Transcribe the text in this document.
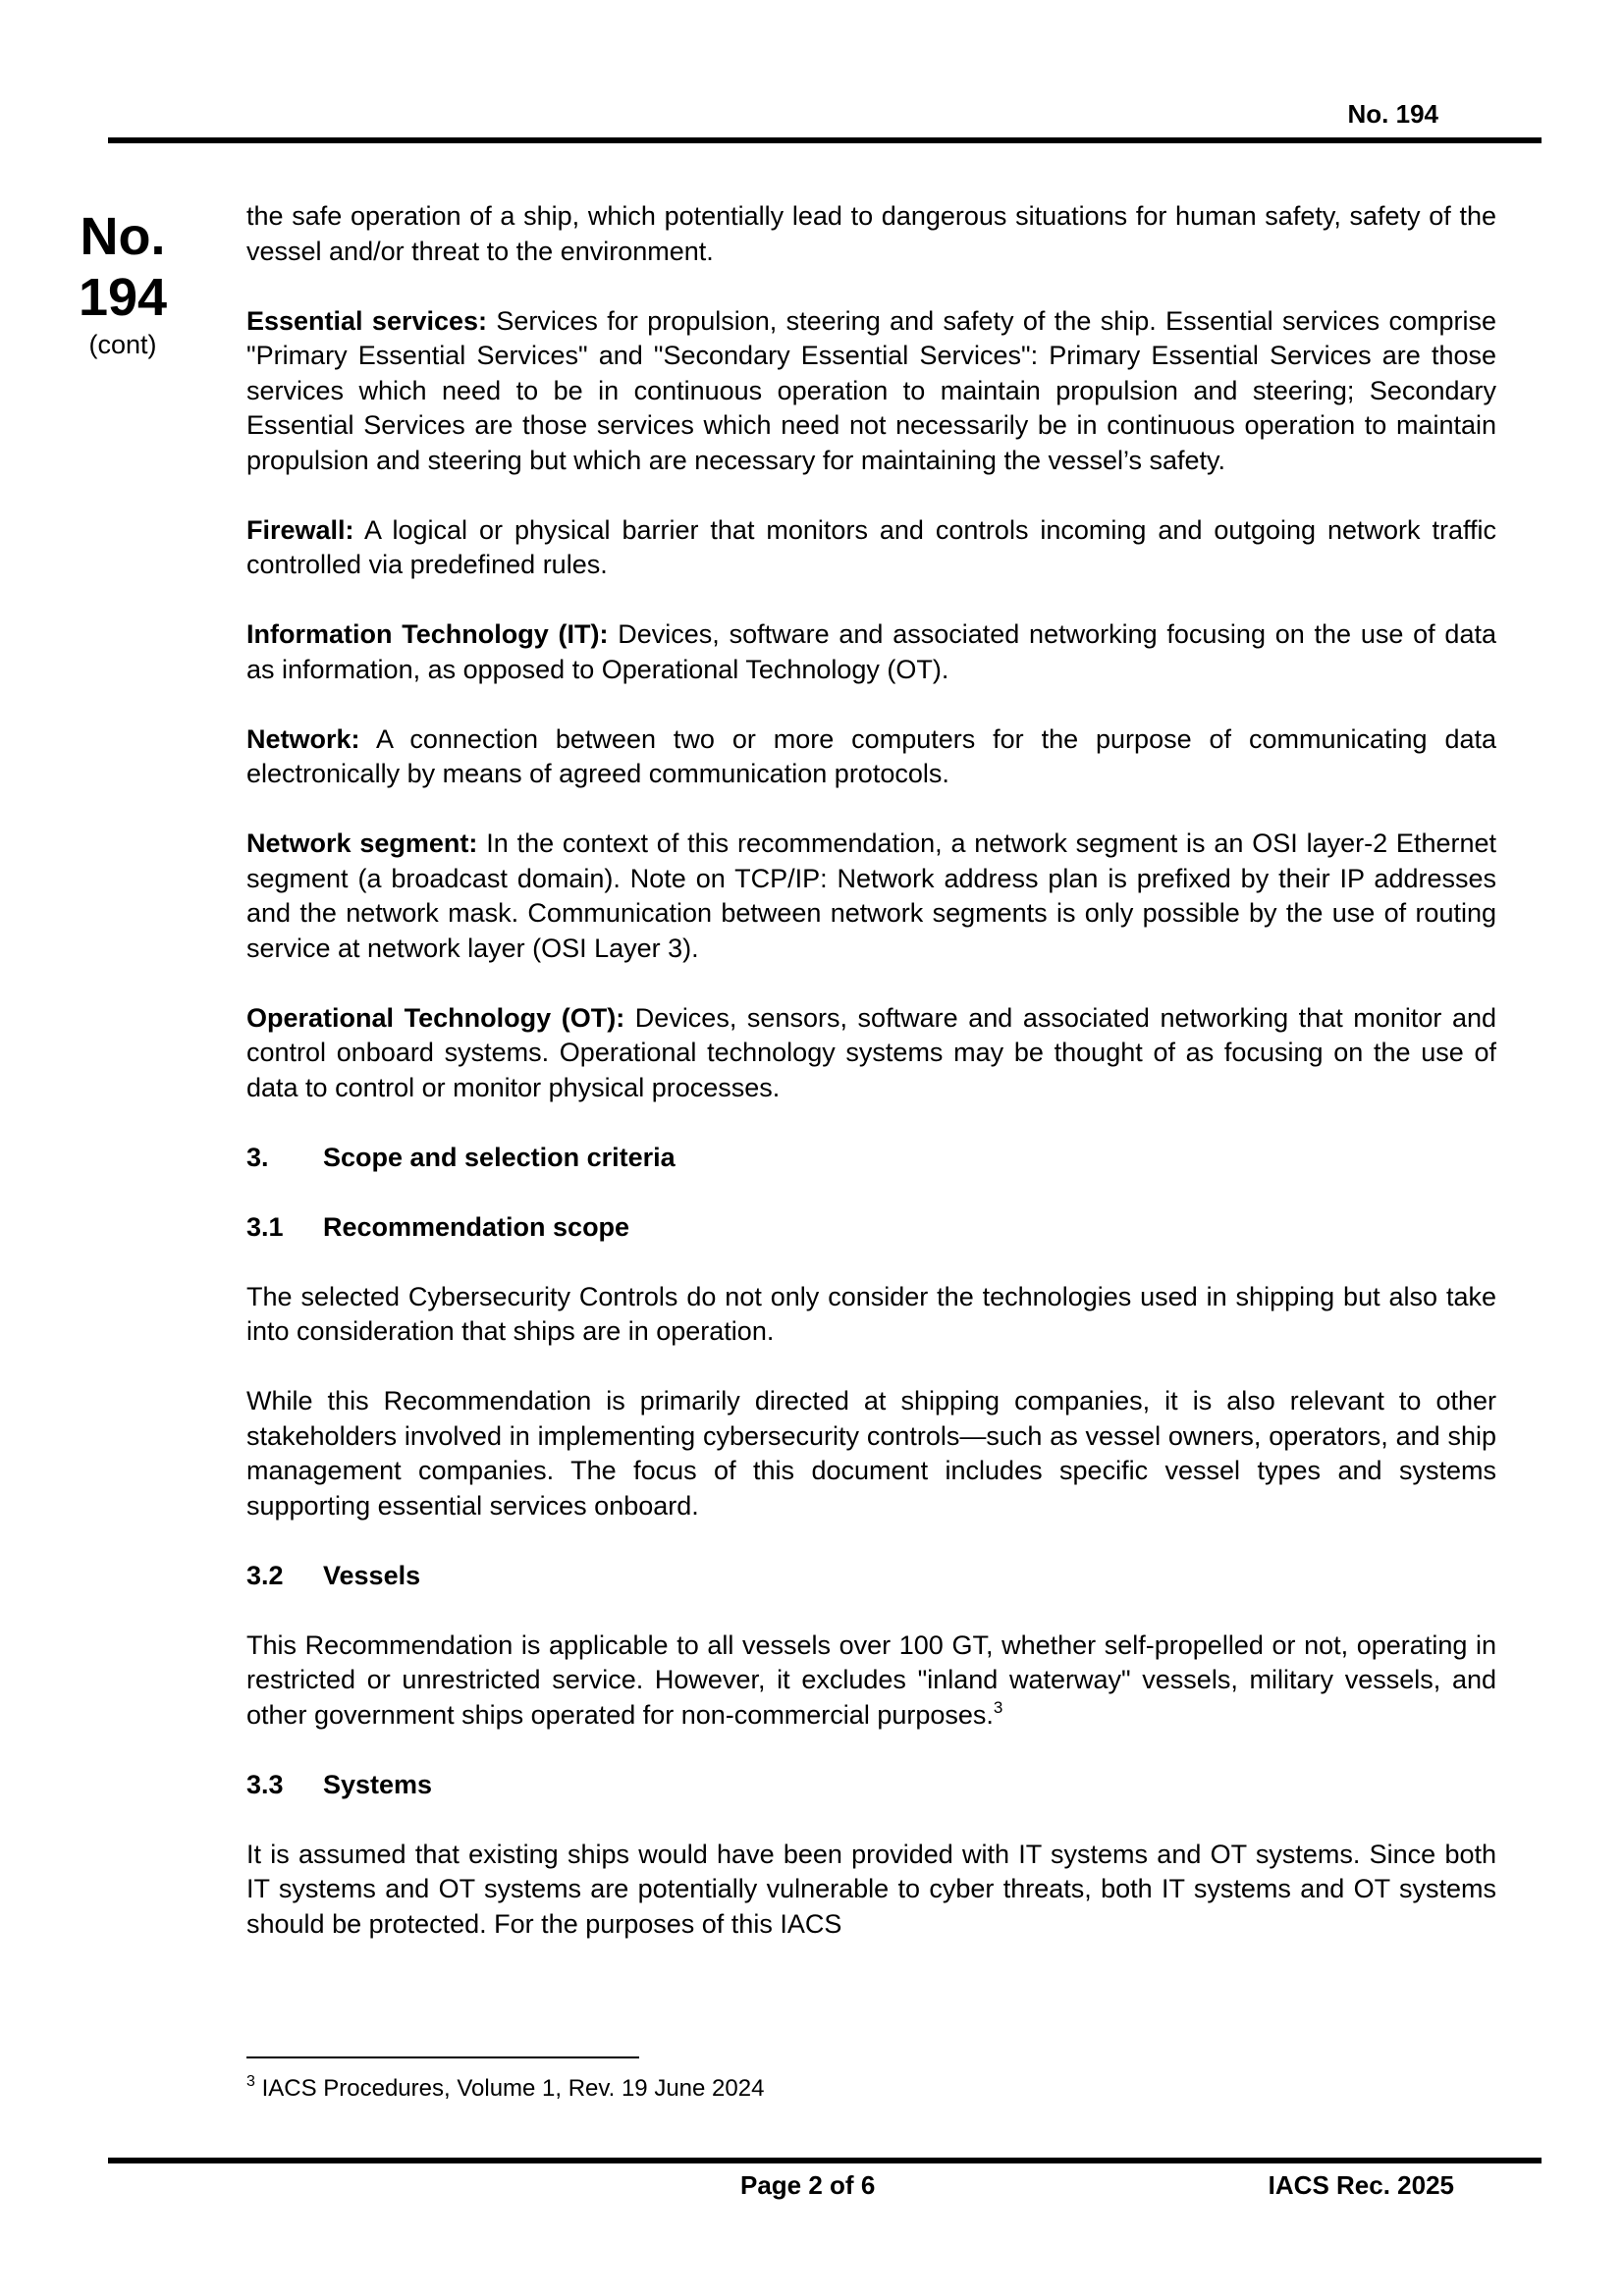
No. 194
No.
194
(cont)

the safe operation of a ship, which potentially lead to dangerous situations for human safety, safety of the vessel and/or threat to the environment.

Essential services: Services for propulsion, steering and safety of the ship. Essential services comprise "Primary Essential Services" and "Secondary Essential Services": Primary Essential Services are those services which need to be in continuous operation to maintain propulsion and steering; Secondary Essential Services are those services which need not necessarily be in continuous operation to maintain propulsion and steering but which are necessary for maintaining the vessel’s safety.

Firewall: A logical or physical barrier that monitors and controls incoming and outgoing network traffic controlled via predefined rules.

Information Technology (IT): Devices, software and associated networking focusing on the use of data as information, as opposed to Operational Technology (OT).

Network: A connection between two or more computers for the purpose of communicating data electronically by means of agreed communication protocols.

Network segment: In the context of this recommendation, a network segment is an OSI layer-2 Ethernet segment (a broadcast domain). Note on TCP/IP: Network address plan is prefixed by their IP addresses and the network mask. Communication between network segments is only possible by the use of routing service at network layer (OSI Layer 3).

Operational Technology (OT): Devices, sensors, software and associated networking that monitor and control onboard systems. Operational technology systems may be thought of as focusing on the use of data to control or monitor physical processes.

3.	Scope and selection criteria
3.1	Recommendation scope

The selected Cybersecurity Controls do not only consider the technologies used in shipping but also take into consideration that ships are in operation.

While this Recommendation is primarily directed at shipping companies, it is also relevant to other stakeholders involved in implementing cybersecurity controls—such as vessel owners, operators, and ship management companies. The focus of this document includes specific vessel types and systems supporting essential services onboard.

3.2	Vessels

This Recommendation is applicable to all vessels over 100 GT, whether self-propelled or not, operating in restricted or unrestricted service. However, it excludes "inland waterway" vessels, military vessels, and other government ships operated for non-commercial purposes.$^3$

3.3	Systems

It is assumed that existing ships would have been provided with IT systems and OT systems. Since both IT systems and OT systems are potentially vulnerable to cyber threats, both IT systems and OT systems should be protected. For the purposes of this IACS

$^3$ IACS Procedures, Volume 1, Rev. 19 June 2024
Page 2 of 6	IACS Rec. 2025
